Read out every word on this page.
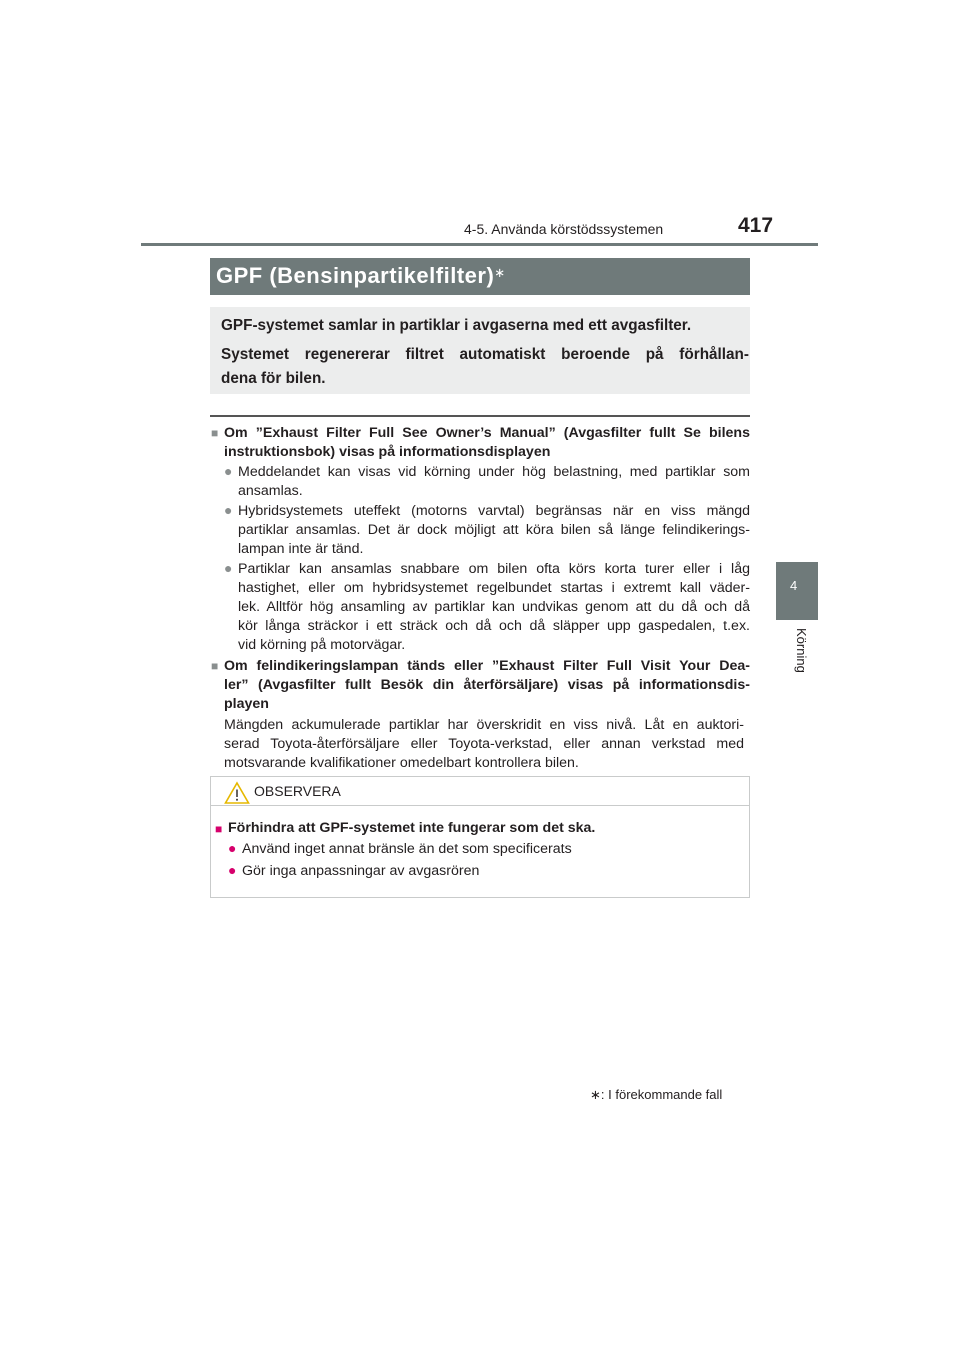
4-5. Använda körstödssystemen	417
4
Körning
GPF (Bensinpartikelfilter)∗
GPF-systemet samlar in partiklar i avgaserna med ett avgasfilter.
Systemet regenererar filtret automatiskt beroende på förhållan-
dena för bilen.
■ Om ”Exhaust Filter Full See Owner’s Manual” (Avgasfilter fullt Se bilens
instruktionsbok) visas på informationsdisplayen
● Meddelandet kan visas vid körning under hög belastning, med partiklar som
ansamlas.
● Hybridsystemets uteffekt (motorns varvtal) begränsas när en viss mängd
partiklar ansamlas. Det är dock möjligt att köra bilen så länge felindikerings-
lampan inte är tänd.
● Partiklar kan ansamlas snabbare om bilen ofta körs korta turer eller i låg
hastighet, eller om hybridsystemet regelbundet startas i extremt kall väder-
lek. Alltför hög ansamling av partiklar kan undvikas genom att du då och då
kör långa sträckor i ett sträck och då och då släpper upp gaspedalen, t.ex.
vid körning på motorvägar.
■ Om felindikeringslampan tänds eller ”Exhaust Filter Full Visit Your Dea-
ler” (Avgasfilter fullt Besök din återförsäljare) visas på informationsdis-
playen
Mängden ackumulerade partiklar har överskridit en viss nivå. Låt en auktori-
serad Toyota-återförsäljare eller Toyota-verkstad, eller annan verkstad med
motsvarande kvalifikationer omedelbart kontrollera bilen.
OBSERVERA
■ Förhindra att GPF-systemet inte fungerar som det ska.
● Använd inget annat bränsle än det som specificerats
● Gör inga anpassningar av avgasrören
∗: I förekommande fall
